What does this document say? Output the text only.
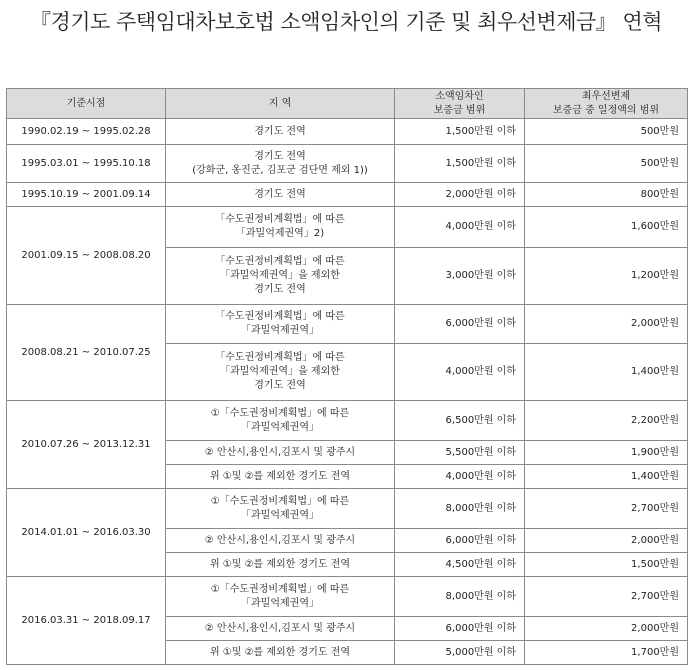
『경기도 주택임대차보호법 소액임차인의 기준 및 최우선변제금』 연혁
기준시점	지 역	소액임차인
보증금 범위	최우선변제
보증금 중 일정액의 범위
1990.02.19 ~ 1995.02.28	경기도 전역	1,500만원 이하	500만원
1995.03.01 ~ 1995.10.18	경기도 전역
(강화군, 옹진군, 김포군 검단면 제외 1))	1,500만원 이하	500만원
1995.10.19 ~ 2001.09.14	경기도 전역	2,000만원 이하	800만원
2001.09.15 ~ 2008.08.20	「수도권정비계획법」에 따른
「과밀억제권역」2)	4,000만원 이하	1,600만원
	「수도권정비계획법」에 따른
「과밀억제권역」을 제외한
경기도 전역	3,000만원 이하	1,200만원
2008.08.21 ~ 2010.07.25	「수도권정비계획법」에 따른
「과밀억제권역」	6,000만원 이하	2,000만원
	「수도권정비계획법」에 따른
「과밀억제권역」을 제외한
경기도 전역	4,000만원 이하	1,400만원
2010.07.26 ~ 2013.12.31	①「수도권정비계획법」에 따른
「과밀억제권역」	6,500만원 이하	2,200만원
	② 안산시,용인시,김포시 및 광주시	5,500만원 이하	1,900만원
	위 ①및 ②를 제외한 경기도 전역	4,000만원 이하	1,400만원
2014.01.01 ~ 2016.03.30	①「수도권정비계획법」에 따른
「과밀억제권역」	8,000만원 이하	2,700만원
	② 안산시,용인시,김포시 및 광주시	6,000만원 이하	2,000만원
	위 ①및 ②를 제외한 경기도 전역	4,500만원 이하	1,500만원
2016.03.31 ~ 2018.09.17	①「수도권정비계획법」에 따른
「과밀억제권역」	8,000만원 이하	2,700만원
	② 안산시,용인시,김포시 및 광주시	6,000만원 이하	2,000만원
	위 ①및 ②를 제외한 경기도 전역	5,000만원 이하	1,700만원
